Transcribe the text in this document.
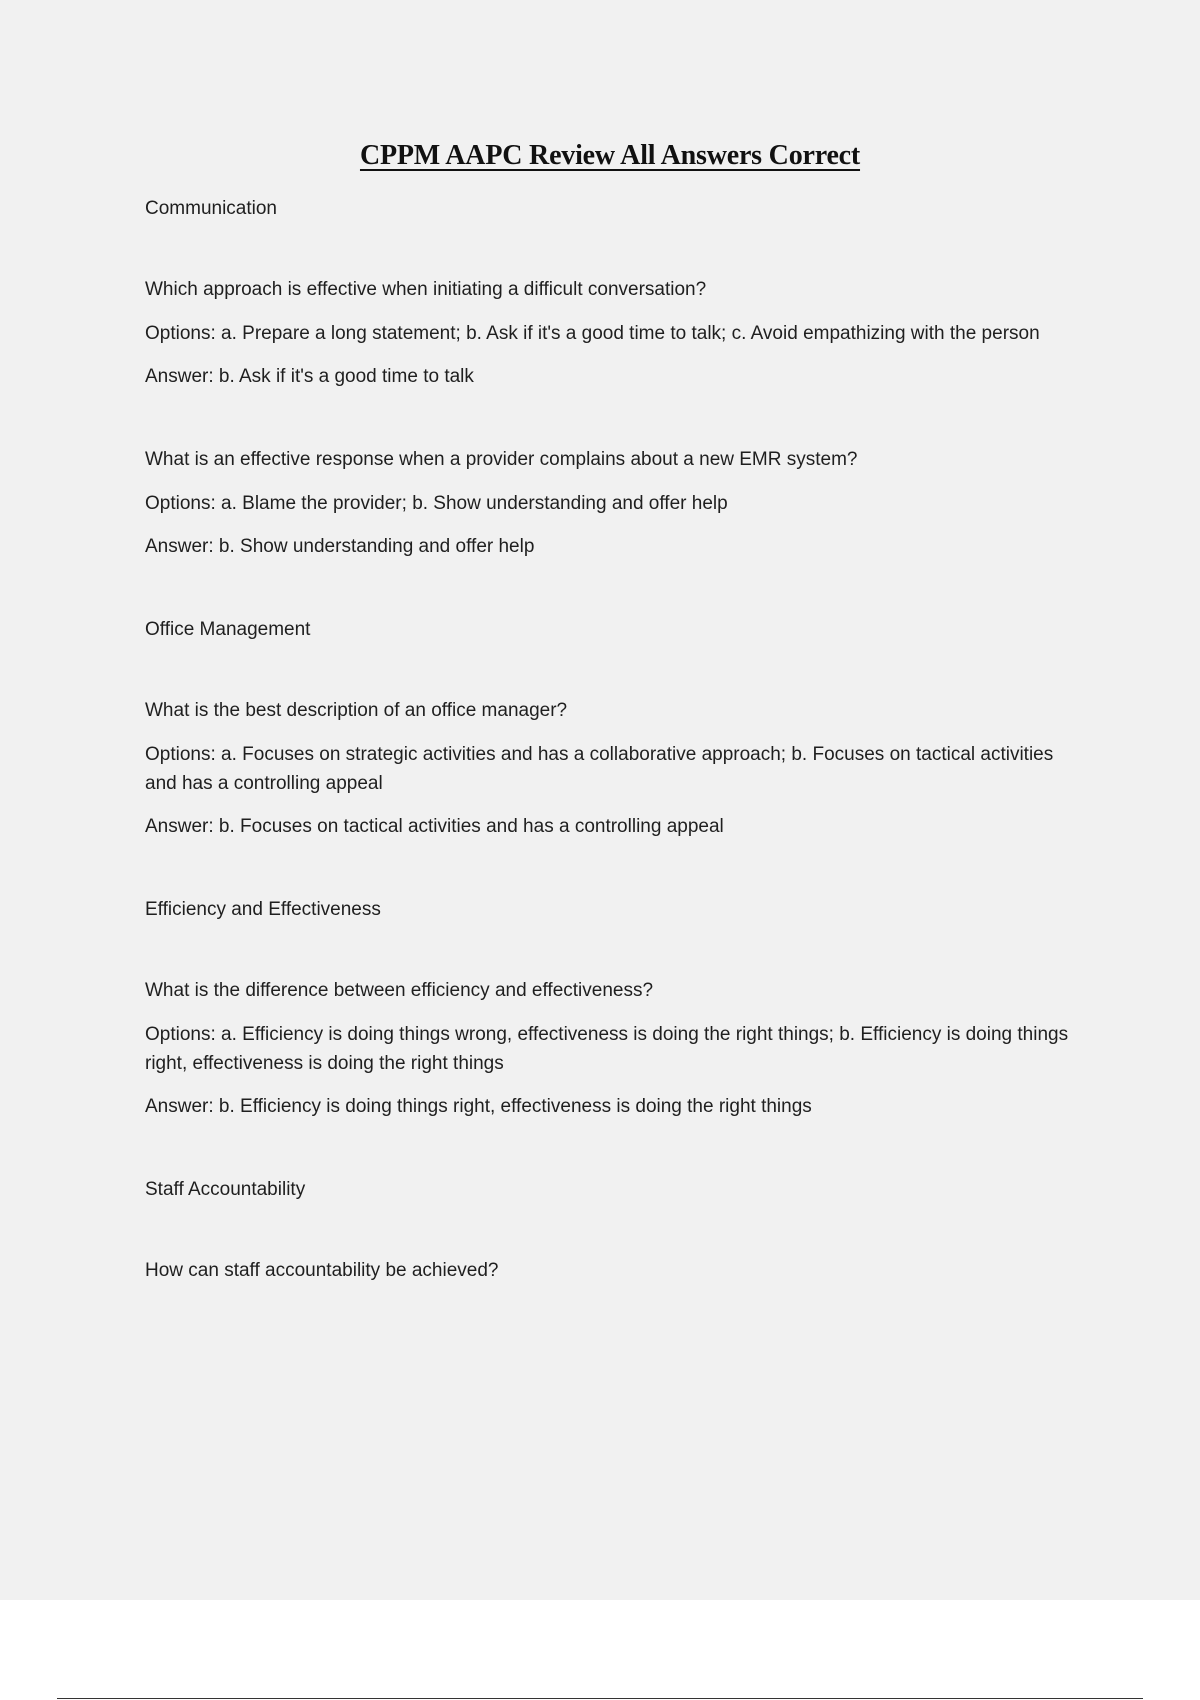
CPPM AAPC Review All Answers Correct

Communication

Which approach is effective when initiating a difficult conversation?

Options: a. Prepare a long statement; b. Ask if it's a good time to talk; c. Avoid empathizing with the person

Answer: b. Ask if it's a good time to talk

What is an effective response when a provider complains about a new EMR system?

Options: a. Blame the provider; b. Show understanding and offer help

Answer: b. Show understanding and offer help

Office Management

What is the best description of an office manager?

Options: a. Focuses on strategic activities and has a collaborative approach; b. Focuses on tactical activities and has a controlling appeal

Answer: b. Focuses on tactical activities and has a controlling appeal

Efficiency and Effectiveness

What is the difference between efficiency and effectiveness?

Options: a. Efficiency is doing things wrong, effectiveness is doing the right things; b. Efficiency is doing things right, effectiveness is doing the right things

Answer: b. Efficiency is doing things right, effectiveness is doing the right things

Staff Accountability

How can staff accountability be achieved?
